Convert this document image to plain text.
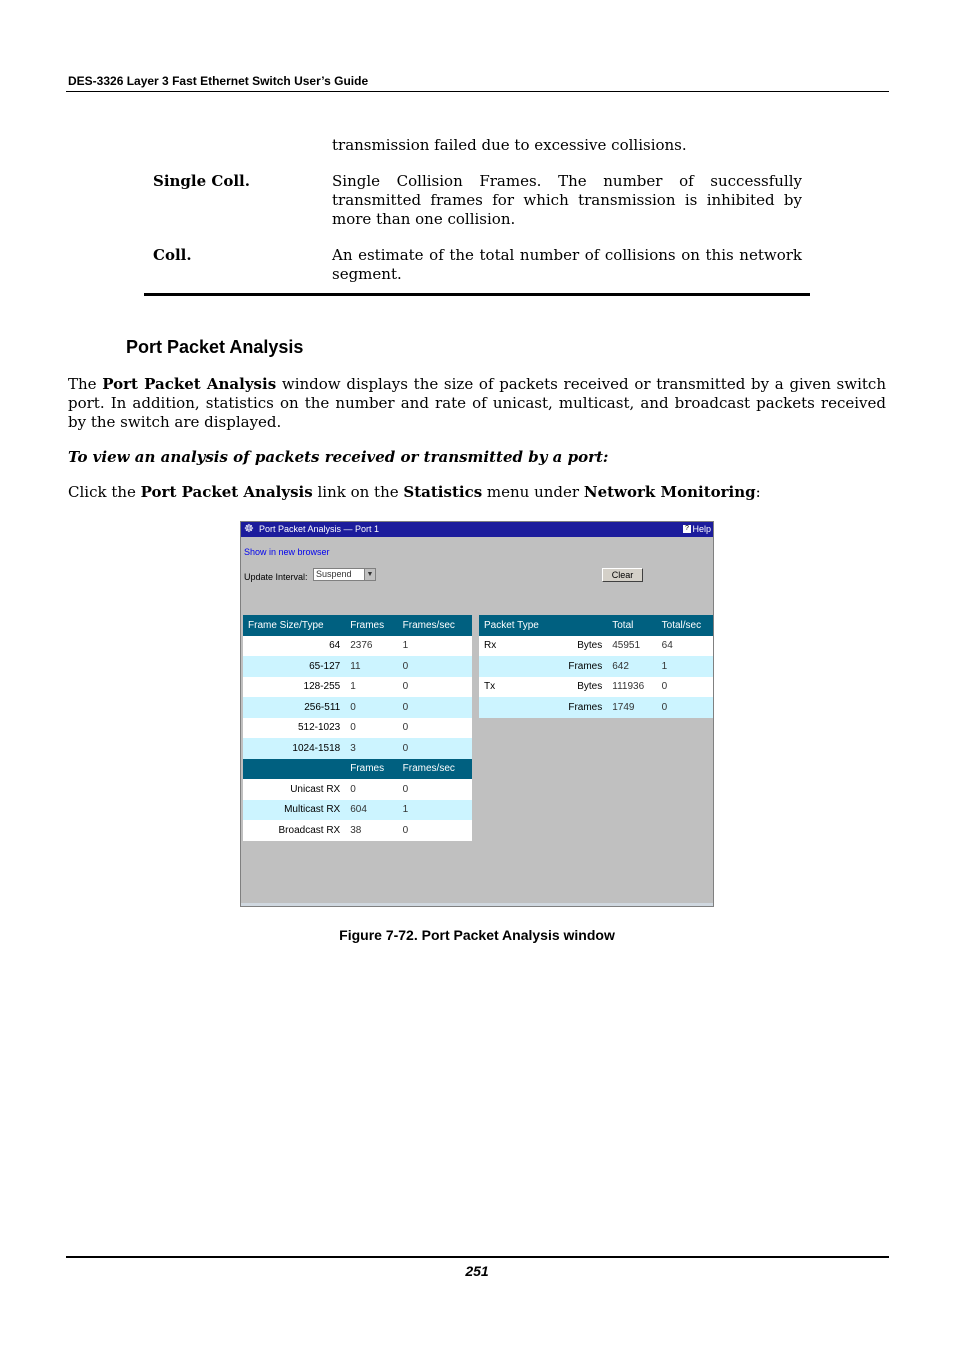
DES-3326 Layer 3 Fast Ethernet Switch User’s Guide
transmission failed due to excessive collisions.
Single Coll.	Single Collision Frames. The number of successfully transmitted frames for which transmission is inhibited by more than one collision.
Coll.	An estimate of the total number of collisions on this network segment.
Port Packet Analysis
The Port Packet Analysis window displays the size of packets received or transmitted by a given switch port. In addition, statistics on the number and rate of unicast, multicast, and broadcast packets received by the switch are displayed.
To view an analysis of packets received or transmitted by a port:
Click the Port Packet Analysis link on the Statistics menu under Network Monitoring:
☸ Port Packet Analysis — Port 1	? Help
Show in new browser
Update Interval: Suspend	▼	Clear
Frame Size/Type	Frames	Frames/sec
64	2376	1
65-127	11	0
128-255	1	0
256-511	0	0
512-1023	0	0
1024-1518	3	0
	Frames	Frames/sec
Unicast RX	0	0
Multicast RX	604	1
Broadcast RX	38	0
Packet Type		Total	Total/sec
Rx	Bytes	45951	64
	Frames	642	1
Tx	Bytes	111936	0
	Frames	1749	0
Figure 7-72. Port Packet Analysis window
251
